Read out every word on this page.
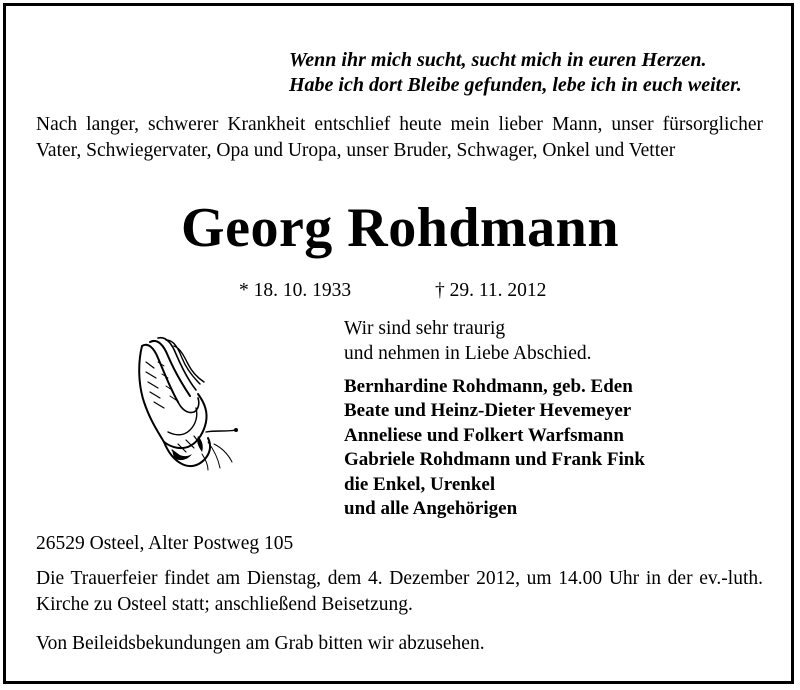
Wenn ihr mich sucht, sucht mich in euren Herzen.
Habe ich dort Bleibe gefunden, lebe ich in euch weiter.
Nach langer, schwerer Krankheit entschlief heute mein lieber Mann, unser fürsorglicher Vater, Schwiegervater, Opa und Uropa, unser Bruder, Schwager, Onkel und Vetter
Georg Rohdmann
* 18. 10. 1933	† 29. 11. 2012
Wir sind sehr traurig
und nehmen in Liebe Abschied.
Bernhardine Rohdmann, geb. Eden
Beate und Heinz-Dieter Hevemeyer
Anneliese und Folkert Warfsmann
Gabriele Rohdmann und Frank Fink
die Enkel, Urenkel
und alle Angehörigen
26529 Osteel, Alter Postweg 105
Die Trauerfeier findet am Dienstag, dem 4. Dezember 2012, um 14.00 Uhr in der ev.-luth. Kirche zu Osteel statt; anschließend Beisetzung.
Von Beileidsbekundungen am Grab bitten wir abzusehen.
